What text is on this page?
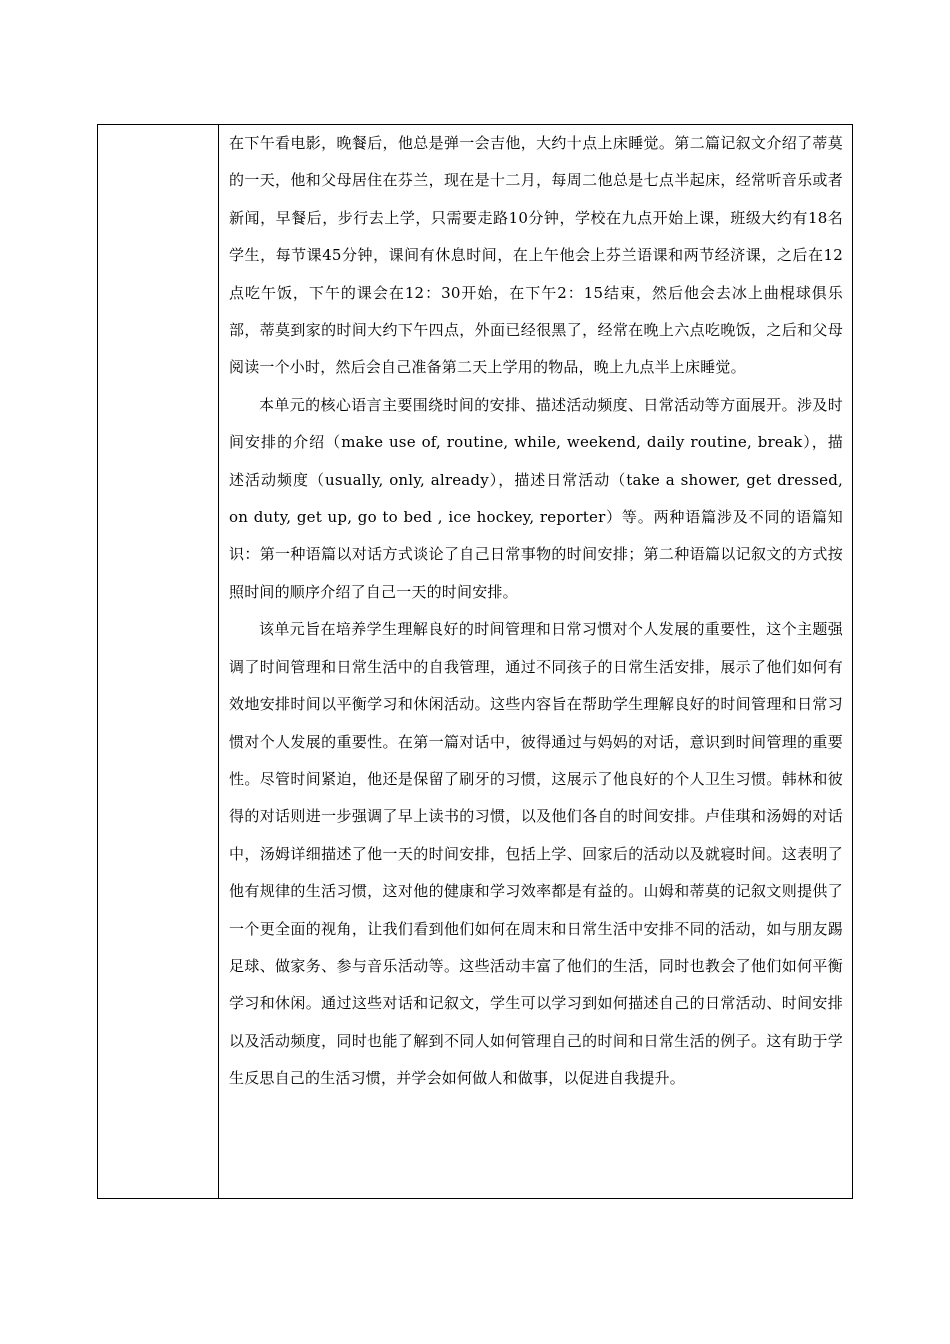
在下午看电影，晚餐后，他总是弹一会吉他，大约十点上床睡觉。第二篇记叙文介绍了蒂莫的一天，他和父母居住在芬兰，现在是十二月，每周二他总是七点半起床，经常听音乐或者新闻，早餐后，步行去上学，只需要走路10分钟，学校在九点开始上课，班级大约有18名学生，每节课45分钟，课间有休息时间，在上午他会上芬兰语课和两节经济课，之后在12点吃午饭，下午的课会在12：30开始，在下午2：15结束，然后他会去冰上曲棍球俱乐部，蒂莫到家的时间大约下午四点，外面已经很黑了，经常在晚上六点吃晚饭，之后和父母阅读一个小时，然后会自己准备第二天上学用的物品，晚上九点半上床睡觉。

本单元的核心语言主要围绕时间的安排、描述活动频度、日常活动等方面展开。涉及时间安排的介绍（make use of, routine, while, weekend, daily routine, break），描述活动频度（usually, only, already），描述日常活动（take a shower, get dressed, on duty, get up, go to bed , ice hockey, reporter）等。两种语篇涉及不同的语篇知识：第一种语篇以对话方式谈论了自己日常事物的时间安排；第二种语篇以记叙文的方式按照时间的顺序介绍了自己一天的时间安排。

该单元旨在培养学生理解良好的时间管理和日常习惯对个人发展的重要性，这个主题强调了时间管理和日常生活中的自我管理，通过不同孩子的日常生活安排，展示了他们如何有效地安排时间以平衡学习和休闲活动。这些内容旨在帮助学生理解良好的时间管理和日常习惯对个人发展的重要性。在第一篇对话中，彼得通过与妈妈的对话，意识到时间管理的重要性。尽管时间紧迫，他还是保留了刷牙的习惯，这展示了他良好的个人卫生习惯。韩林和彼得的对话则进一步强调了早上读书的习惯，以及他们各自的时间安排。卢佳琪和汤姆的对话中，汤姆详细描述了他一天的时间安排，包括上学、回家后的活动以及就寝时间。这表明了他有规律的生活习惯，这对他的健康和学习效率都是有益的。山姆和蒂莫的记叙文则提供了一个更全面的视角，让我们看到他们如何在周末和日常生活中安排不同的活动，如与朋友踢足球、做家务、参与音乐活动等。这些活动丰富了他们的生活，同时也教会了他们如何平衡学习和休闲。通过这些对话和记叙文，学生可以学习到如何描述自己的日常活动、时间安排以及活动频度，同时也能了解到不同人如何管理自己的时间和日常生活的例子。这有助于学生反思自己的生活习惯，并学会如何做人和做事，以促进自我提升。
